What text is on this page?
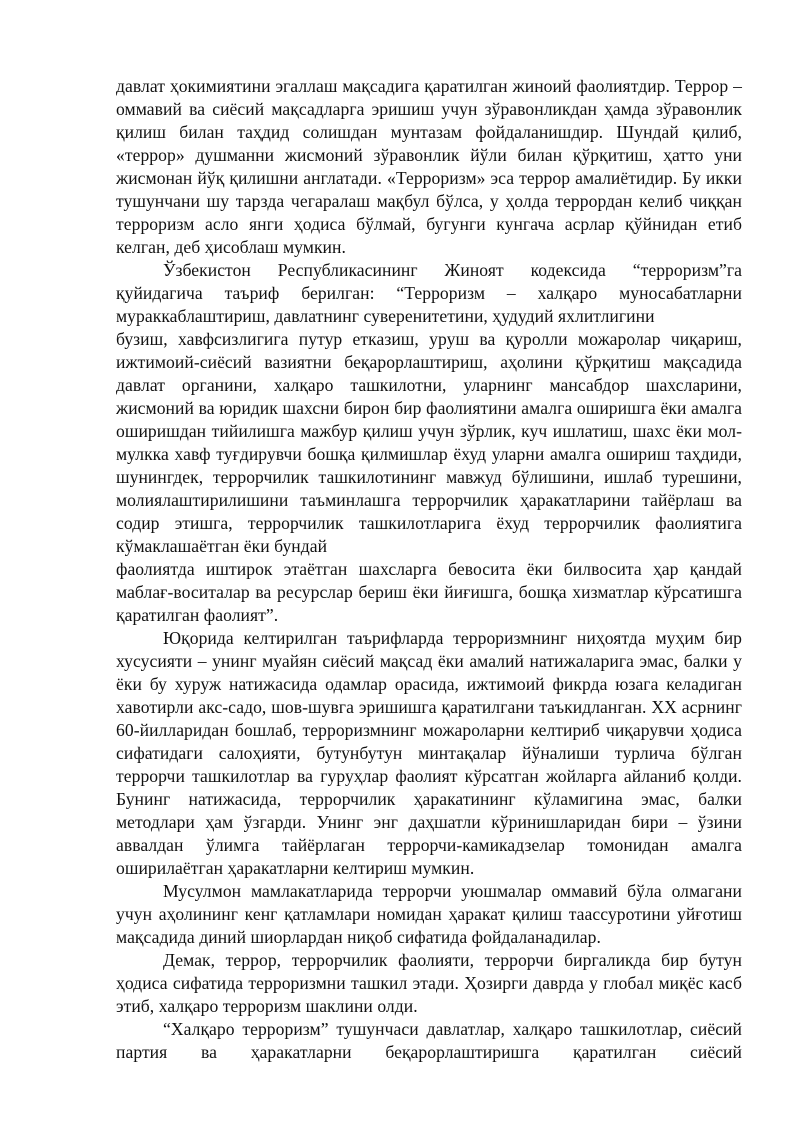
давлат ҳокимиятини эгаллаш мақсадига қаратилган жиноий фаолиятдир. Террор – оммавий ва сиёсий мақсадларга эришиш учун зўравонликдан ҳамда зўравонлик қилиш билан таҳдид солишдан мунтазам фойдаланишдир. Шундай қилиб, «террор» душманни жисмоний зўравонлик йўли билан қўрқитиш, ҳатто уни жисмонан йўқ қилишни англатади. «Терроризм» эса террор амалиётидир. Бу икки тушунчани шу тарзда чегаралаш мақбул бўлса, у ҳолда террордан келиб чиққан терроризм асло янги ҳодиса бўлмай, бугунги кунгача асрлар қўйнидан етиб келган, деб ҳисоблаш мумкин.

Ўзбекистон Республикасининг Жиноят кодексида “терроризм”га қуйидагича таъриф берилган: “Терроризм – халқаро муносабатларни мураккаблаштириш, давлатнинг суверенитетини, ҳудудий яхлитлигини

бузиш, хавфсизлигига путур етказиш, уруш ва қуролли можаролар чиқариш, ижтимоий-сиёсий вазиятни беқарорлаштириш, аҳолини қўрқитиш мақсадида давлат органини, халқаро ташкилотни, уларнинг мансабдор шахсларини, жисмоний ва юридик шахсни бирон бир фаолиятини амалга оширишга ёки амалга оширишдан тийилишга мажбур қилиш учун зўрлик, куч ишлатиш, шахс ёки мол-мулкка хавф туғдирувчи бошқа қилмишлар ёхуд уларни амалга ошириш таҳдиди, шунингдек, террорчилик ташкилотининг мавжуд бўлишини, ишлаб турешини, молиялаштирилишини таъминлашга террорчилик ҳаракатларини тайёрлаш ва содир этишга, террорчилик ташкилотларига ёхуд террорчилик фаолиятига кўмаклашаётган ёки бундай

фаолиятда иштирок этаётган шахсларга бевосита ёки билвосита ҳар қандай маблағ-воситалар ва ресурслар бериш ёки йиғишга, бошқа хизматлар кўрсатишга қаратилган фаолият”.

Юқорида келтирилган таърифларда терроризмнинг ниҳоятда муҳим бир хусусияти – унинг муайян сиёсий мақсад ёки амалий натижаларига эмас, балки у ёки бу хуруж натижасида одамлар орасида, ижтимоий фикрда юзага келадиган хавотирли акс-садо, шов-шувга эришишга қаратилгани таъкидланган. XX асрнинг 60-йилларидан бошлаб, терроризмнинг можароларни келтириб чиқарувчи ҳодиса сифатидаги салоҳияти, бутунбутун минтақалар йўналиши турлича бўлган террорчи ташкилотлар ва гуруҳлар фаолият кўрсатган жойларга айланиб қолди. Бунинг натижасида, террорчилик ҳаракатининг кўламигина эмас, балки методлари ҳам ўзгарди. Унинг энг даҳшатли кўринишларидан бири – ўзини аввалдан ўлимга тайёрлаган террорчи-камикадзелар томонидан амалга оширилаётган ҳаракатларни келтириш мумкин.

Мусулмон мамлакатларида террорчи уюшмалар оммавий бўла олмагани учун аҳолининг кенг қатламлари номидан ҳаракат қилиш таассуротини уйғотиш мақсадида диний шиорлардан ниқоб сифатида фойдаланадилар.

Демак, террор, террорчилик фаолияти, террорчи биргаликда бир бутун ҳодиса сифатида терроризмни ташкил этади. Ҳозирги даврда у глобал миқёс касб этиб, халқаро терроризм шаклини олди.

“Халқаро терроризм” тушунчаси давлатлар, халқаро ташкилотлар, сиёсий партия ва ҳаракатларни беқарорлаштиришга қаратилган сиёсий
